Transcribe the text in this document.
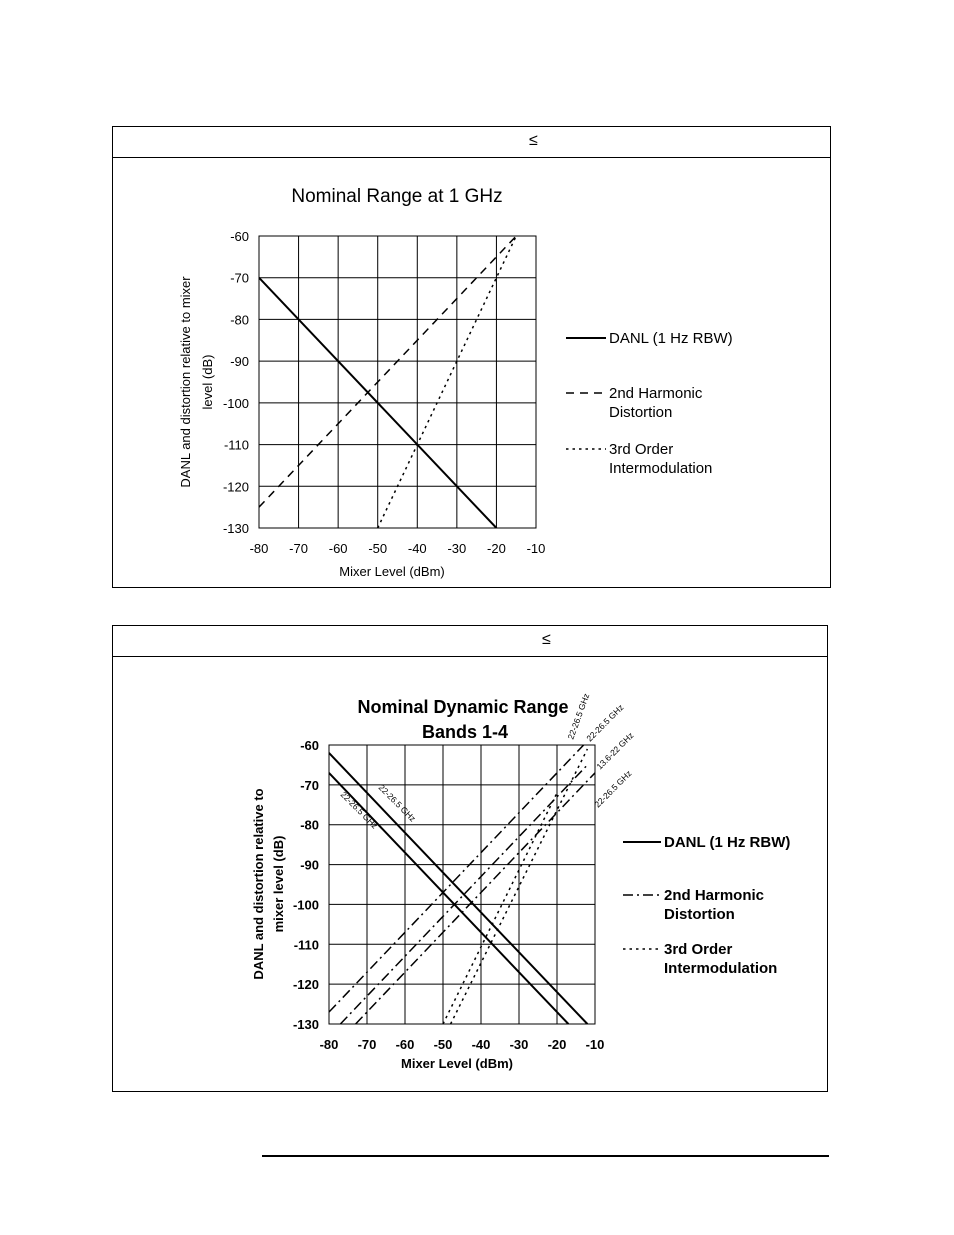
≤
≤
Nominal Range at 1 GHz
-60
-70
-80
-90
-100
-110
-120
-130
-80 -70 -60 -50 -40 -30 -20 -10
Mixer Level (dBm)
DANL and distortion relative to mixer level (dB)
DANL (1 Hz RBW)
2nd Harmonic
Distortion
3rd Order
Intermodulation
Nominal Dynamic Range
Bands 1-4
-60
-70
-80
-90
-100
-110
-120
-130
-80 -70 -60 -50 -40 -30 -20 -10
Mixer Level (dBm)
DANL and distortion relative to mixer level (dB)	DANL (1 Hz RBW)
2nd Harmonic
Distortion
3rd Order
Intermodulation
22-26.5 GHz
22-26.5 GHz
22-26.5 GHz
22-26.5 GHz
13.6-22 GHz
22-26.5 GHz
